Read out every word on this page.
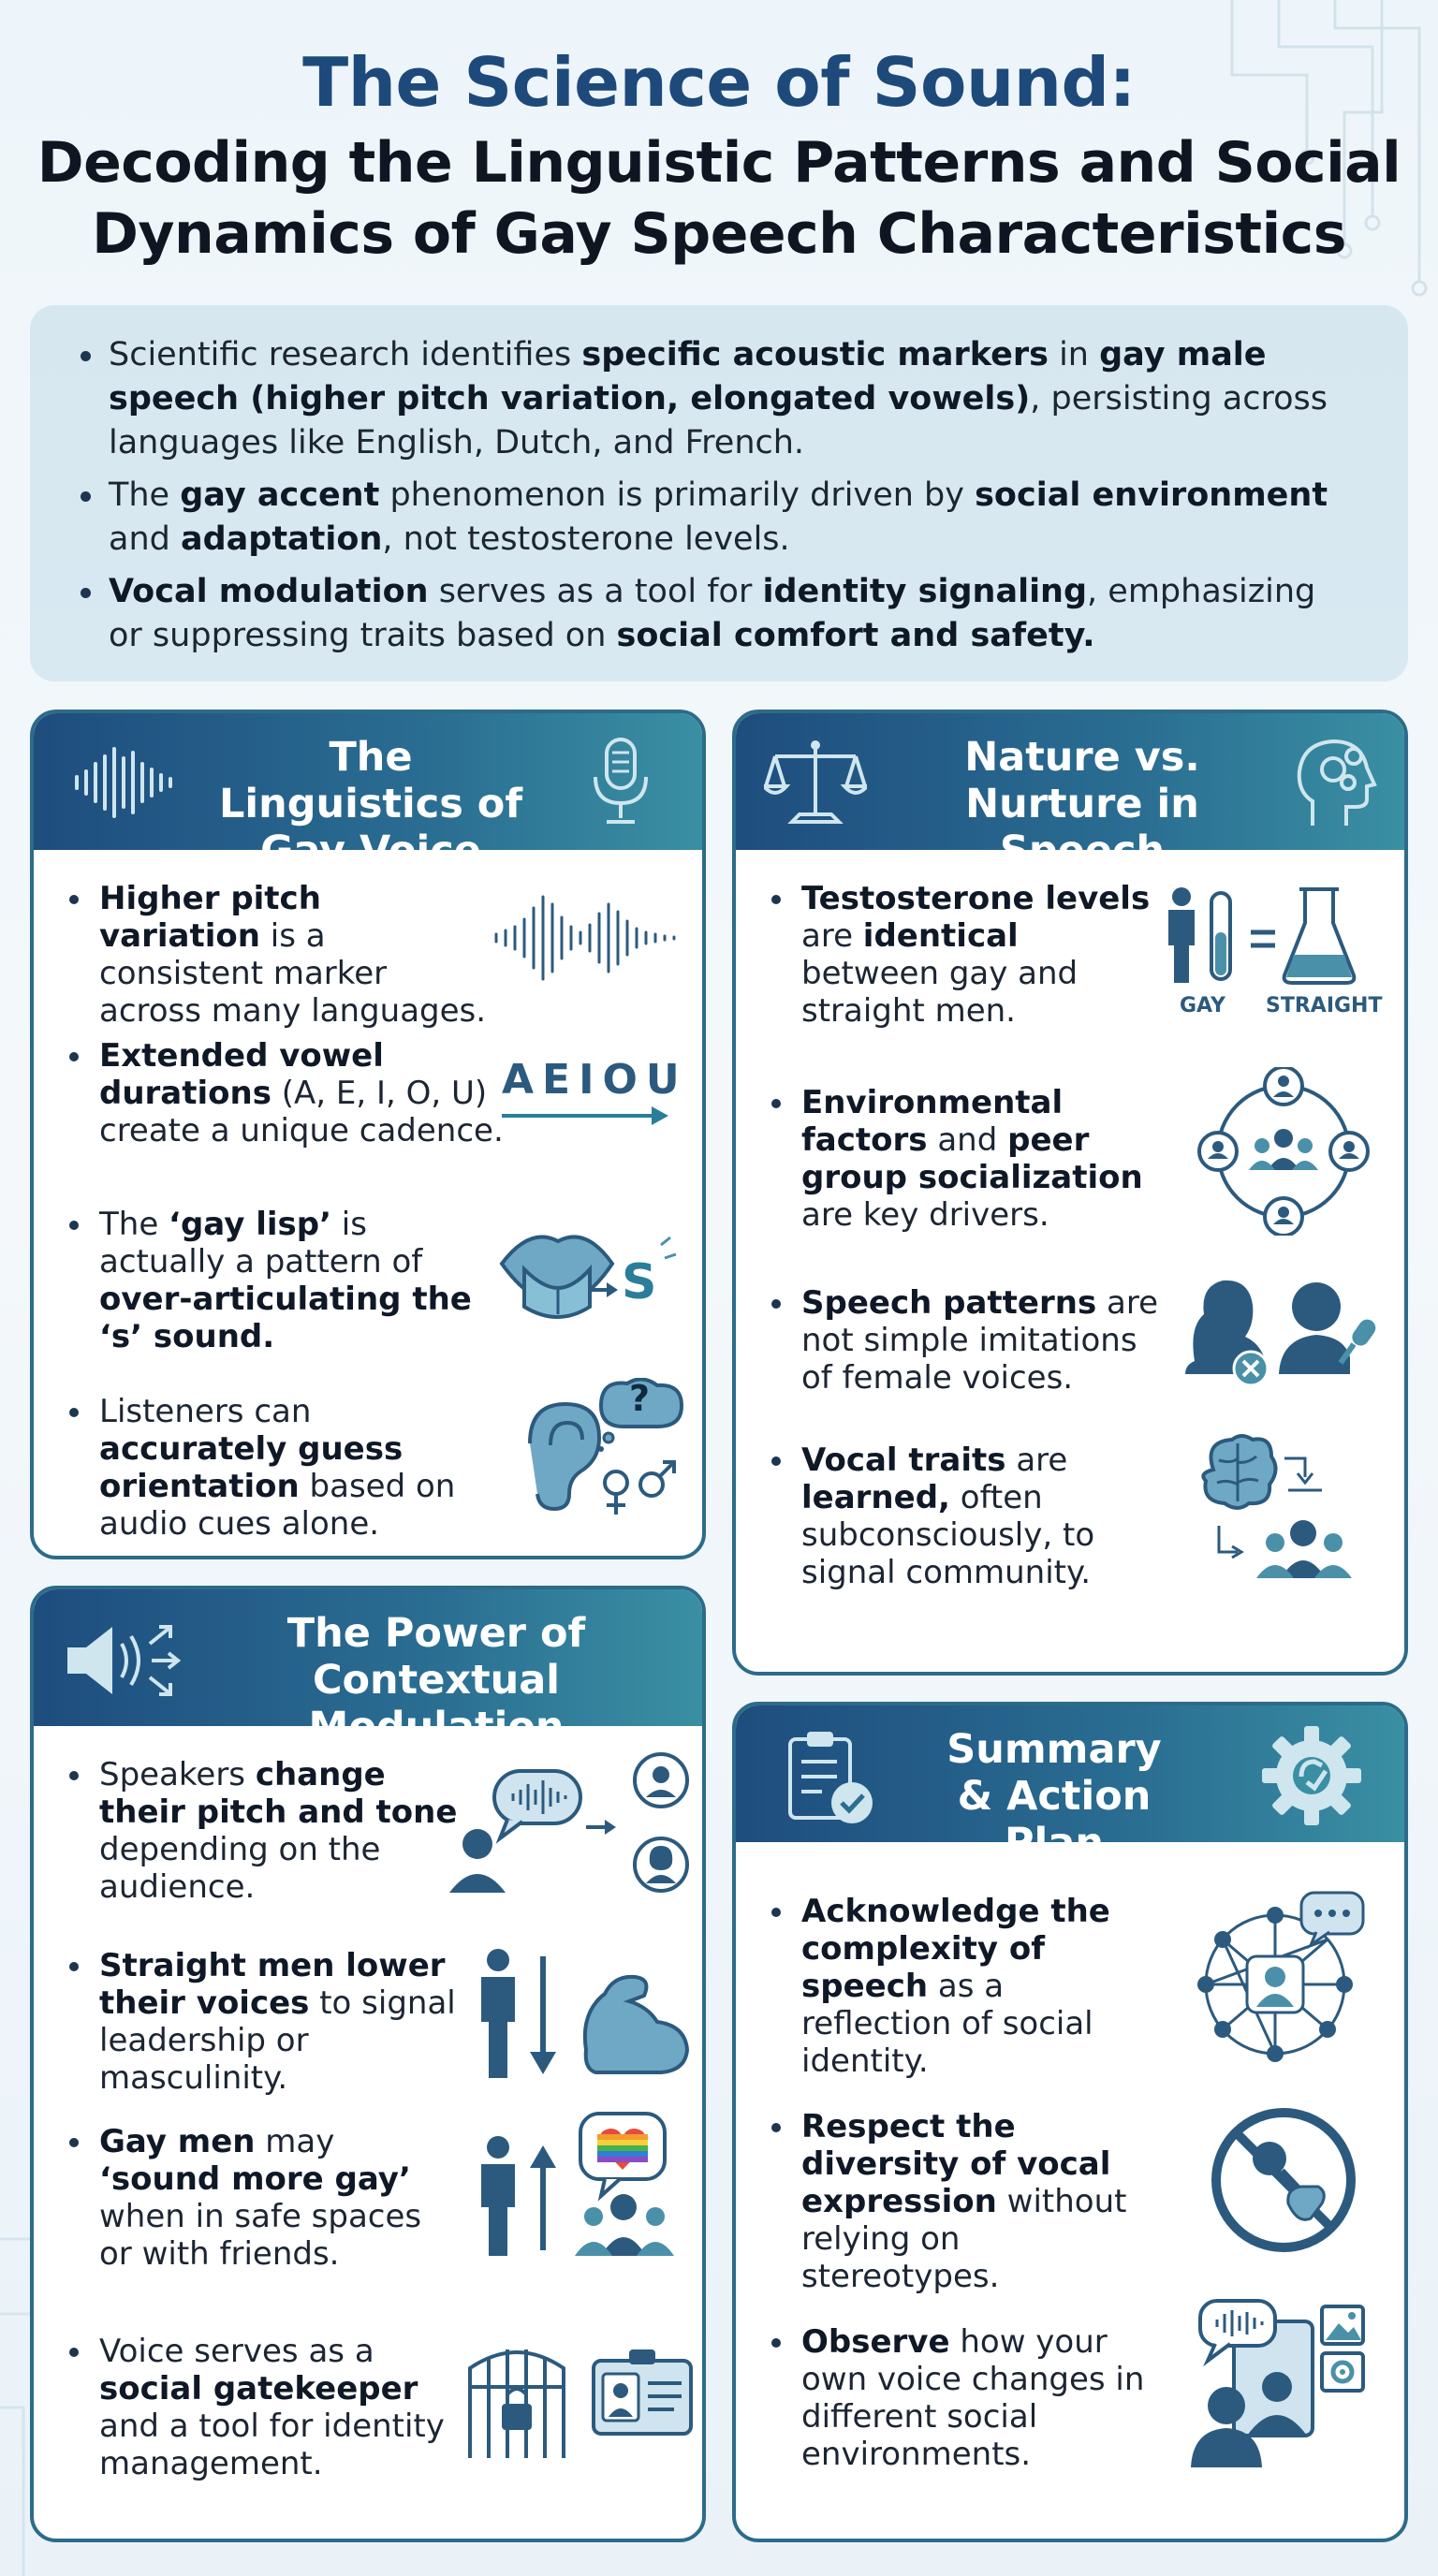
The Science of Sound:
Decoding the Linguistic Patterns and Social
Dynamics of Gay Speech Characteristics
Scientific research identifies specific acoustic markers in gay male speech (higher pitch variation, elongated vowels), persisting across languages like English, Dutch, and French.
The gay accent phenomenon is primarily driven by social environment and adaptation, not testosterone levels.
Vocal modulation serves as a tool for identity signaling, emphasizing or suppressing traits based on social comfort and safety.
The Linguistics of Gay Voice
Higher pitch variation is a consistent marker across many languages.
Extended vowel durations (A, E, I, O, U) create a unique cadence.
AEIOU
The ‘gay lisp’ is actually a pattern of over-articulating the ‘s’ sound.
S
Listeners can accurately guess orientation based on audio cues alone.
?
Nature vs. Nurture in Speech
Testosterone levels are identical between gay and straight men.	GAY STRAIGHT
Environmental factors and peer group socialization are key drivers.
Speech patterns are not simple imitations of female voices.
Vocal traits are learned, often subconsciously, to signal community.
The Power of Contextual Modulation
Speakers change their pitch and tone depending on the audience.
Straight men lower their voices to signal leadership or masculinity.
Gay men may ‘sound more gay’ when in safe spaces or with friends.
Voice serves as a social gatekeeper and a tool for identity management.
Summary & Action Plan
Acknowledge the complexity of speech as a reflection of social identity.
Respect the diversity of vocal expression without relying on stereotypes.
Observe how your own voice changes in different social environments.
